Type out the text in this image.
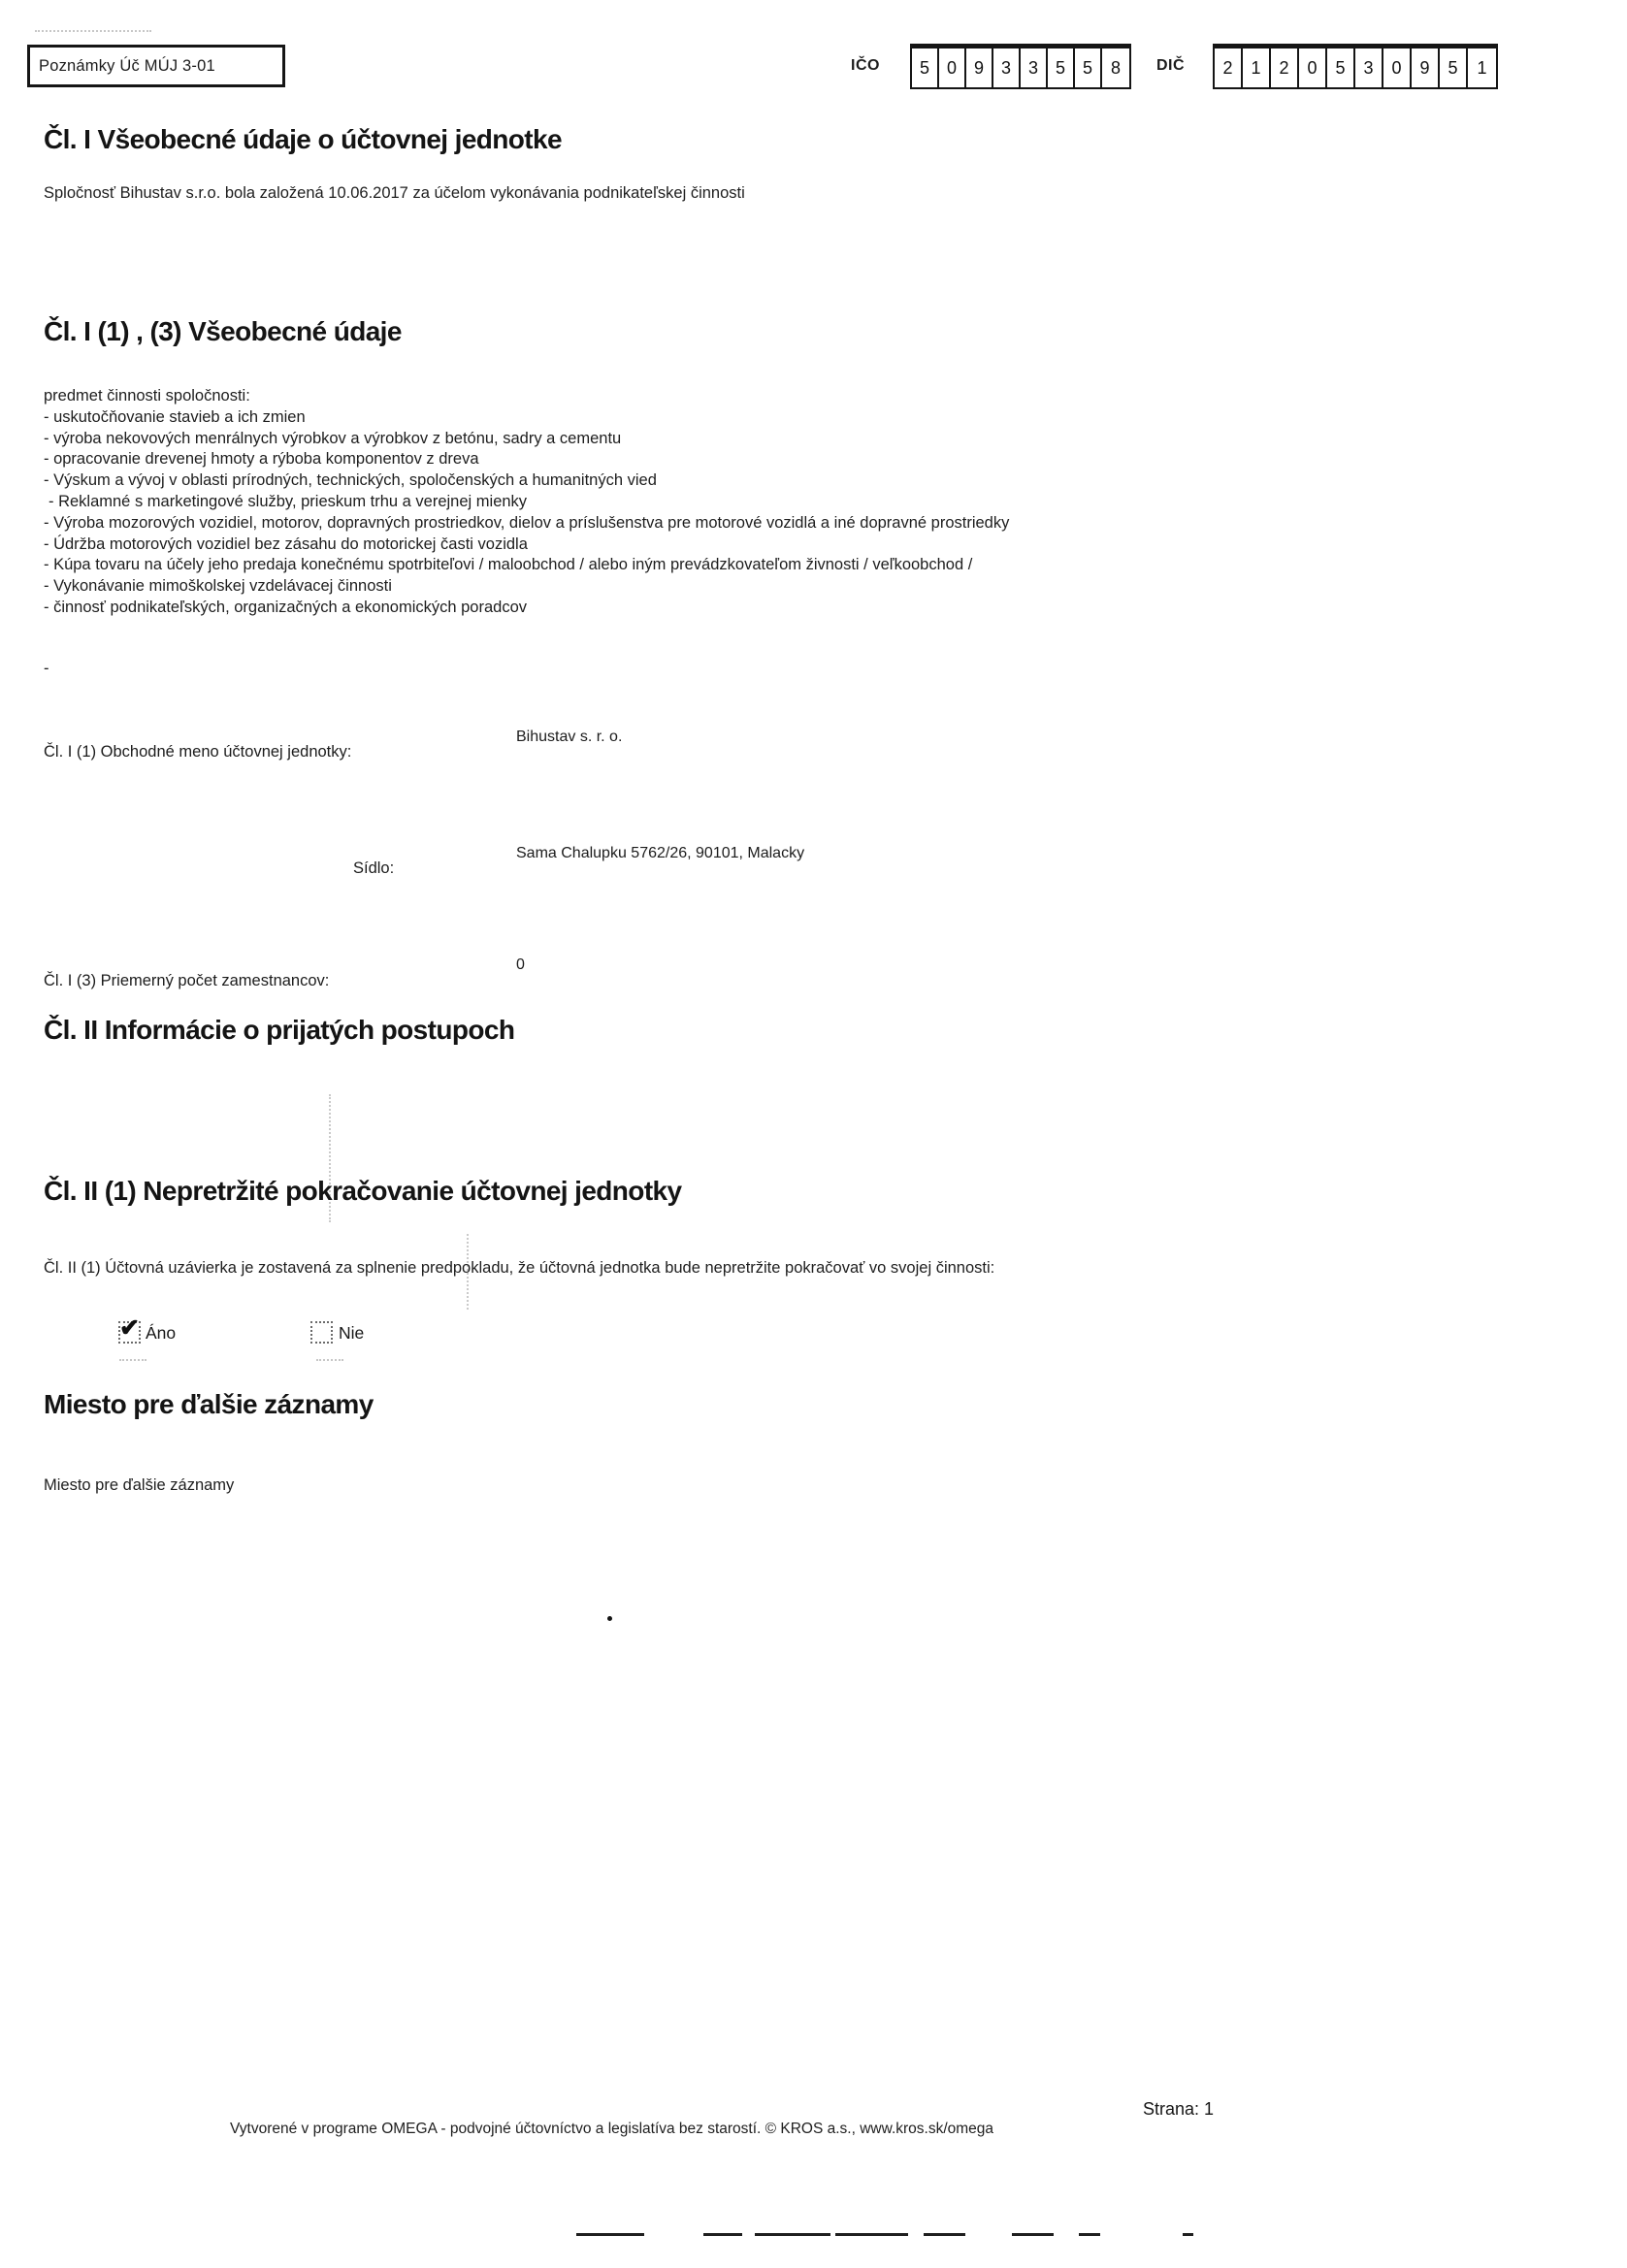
Poznámky Úč MÚJ 3-01	IČO	5 0 9 3 3 5 5	8	DIČ	2	1	2	0	5	3	0	9	5	1
Čl. I Všeobecné údaje o účtovnej jednotke
Spločnosť Bihustav s.r.o. bola založená 10.06.2017 za účelom vykonávania podnikateľskej činnosti
Čl. I (1) , (3) Všeobecné údaje
predmet činnosti spoločnosti:
- uskutočňovanie stavieb a ich zmien
- výroba nekovových menrálnych výrobkov a výrobkov z betónu, sadry a cementu
- opracovanie drevenej hmoty a rýboba komponentov z dreva
- Výskum a vývoj v oblasti prírodných, technických, spoločenských a humanitných vied
- Reklamné s marketingové služby, prieskum trhu a verejnej mienky
- Výroba mozorových vozidiel, motorov, dopravných prostriedkov, dielov a príslušenstva pre motorové vozidlá a iné dopravné prostriedky
- Údržba motorových vozidiel bez zásahu do motorickej časti vozidla
- Kúpa tovaru na účely jeho predaja konečnému spotrbiteľovi / maloobchod / alebo iným prevádzkovateľom živnosti / veľkoobchod /
- Vykonávanie mimoškolskej vzdelávacej činnosti
- činnosť podnikateľských, organizačných a ekonomických poradcov
-
Čl. I (1) Obchodné meno účtovnej jednotky:
Bihustav s. r. o.
Sídlo:
Sama Chalupku 5762/26, 90101, Malacky
Čl. I (3) Priemerný počet zamestnancov:
0
Čl. II Informácie o prijatých postupoch
Čl. II (1) Nepretržité pokračovanie účtovnej jednotky
Čl. II (1) Účtovná uzávierka je zostavená za splnenie predpokladu, že účtovná jednotka bude nepretržite pokračovať vo svojej činnosti:
✔ Áno	Nie
Miesto pre ďalšie záznamy
Miesto pre ďalšie záznamy
Strana: 1
Vytvorené v programe OMEGA - podvojné účtovníctvo a legislatíva bez starostí. © KROS a.s., www.kros.sk/omega
